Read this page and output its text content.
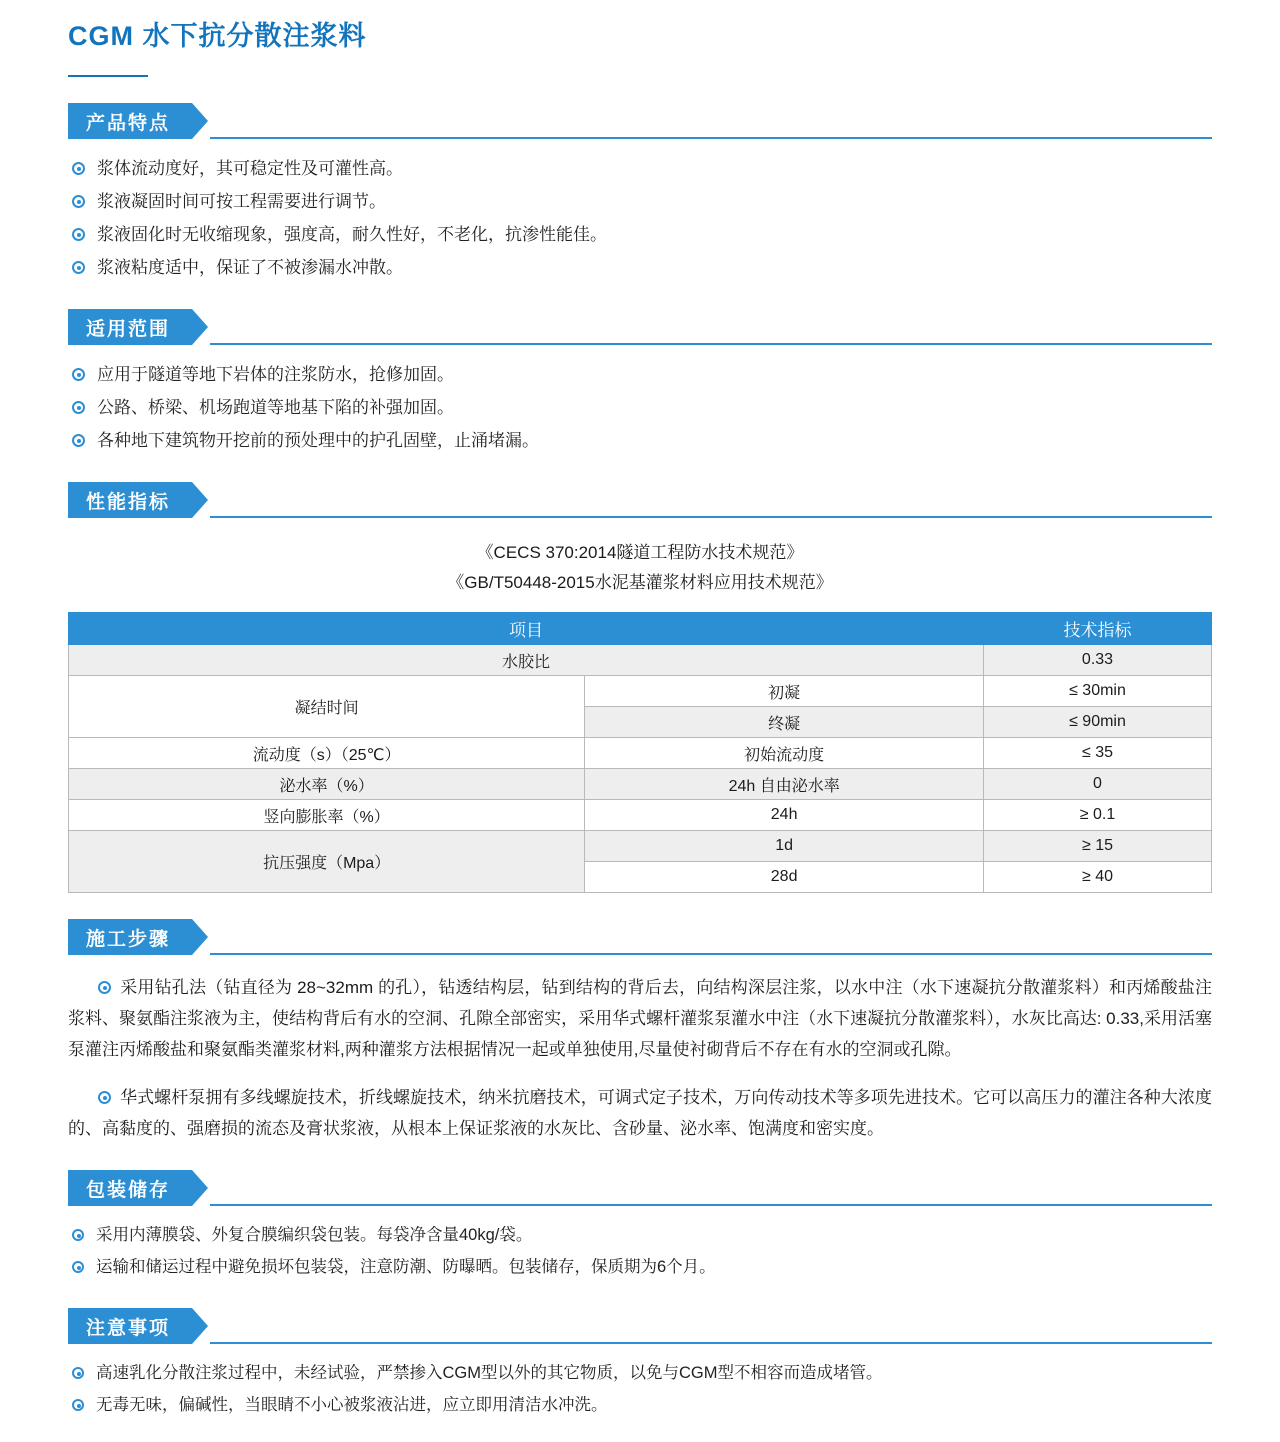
CGM 水下抗分散注浆料
产品特点
浆体流动度好，其可稳定性及可灌性高。
浆液凝固时间可按工程需要进行调节。
浆液固化时无收缩现象，强度高，耐久性好，不老化，抗渗性能佳。
浆液粘度适中，保证了不被渗漏水冲散。
适用范围
应用于隧道等地下岩体的注浆防水，抢修加固。
公路、桥梁、机场跑道等地基下陷的补强加固。
各种地下建筑物开挖前的预处理中的护孔固壁，止涌堵漏。
性能指标
《CECS 370:2014隧道工程防水技术规范》
《GB/T50448-2015水泥基灌浆材料应用技术规范》
项目		技术指标
水胶比		0.33
凝结时间	初凝	≤ 30min
	终凝	≤ 90min
流动度（s）（25℃）	初始流动度	≤ 35
泌水率（%）	24h 自由泌水率	0
竖向膨胀率（%）	24h	≥ 0.1
抗压强度（Mpa）	1d	≥ 15
	28d	≥ 40
施工步骤

采用钻孔法（钻直径为 28~32mm 的孔），钻透结构层，钻到结构的背后去，向结构深层注浆，以水中注（水下速凝抗分散灌浆料）和丙烯酸盐注浆料、聚氨酯注浆液为主，使结构背后有水的空洞、孔隙全部密实，采用华式螺杆灌浆泵灌水中注（水下速凝抗分散灌浆料），水灰比高达: 0.33,采用活塞泵灌注丙烯酸盐和聚氨酯类灌浆材料,两种灌浆方法根据情况一起或单独使用,尽量使衬砌背后不存在有水的空洞或孔隙。

华式螺杆泵拥有多线螺旋技术，折线螺旋技术，纳米抗磨技术，可调式定子技术，万向传动技术等多项先进技术。它可以高压力的灌注各种大浓度的、高黏度的、强磨损的流态及膏状浆液，从根本上保证浆液的水灰比、含砂量、泌水率、饱满度和密实度。

包装储存
采用内薄膜袋、外复合膜编织袋包装。每袋净含量40kg/袋。
运输和储运过程中避免损坏包装袋，注意防潮、防曝晒。包装储存，保质期为6个月。
注意事项
高速乳化分散注浆过程中，未经试验，严禁掺入CGM型以外的其它物质，以免与CGM型不相容而造成堵管。
无毒无味，偏碱性，当眼睛不小心被浆液沾进，应立即用清洁水冲洗。
